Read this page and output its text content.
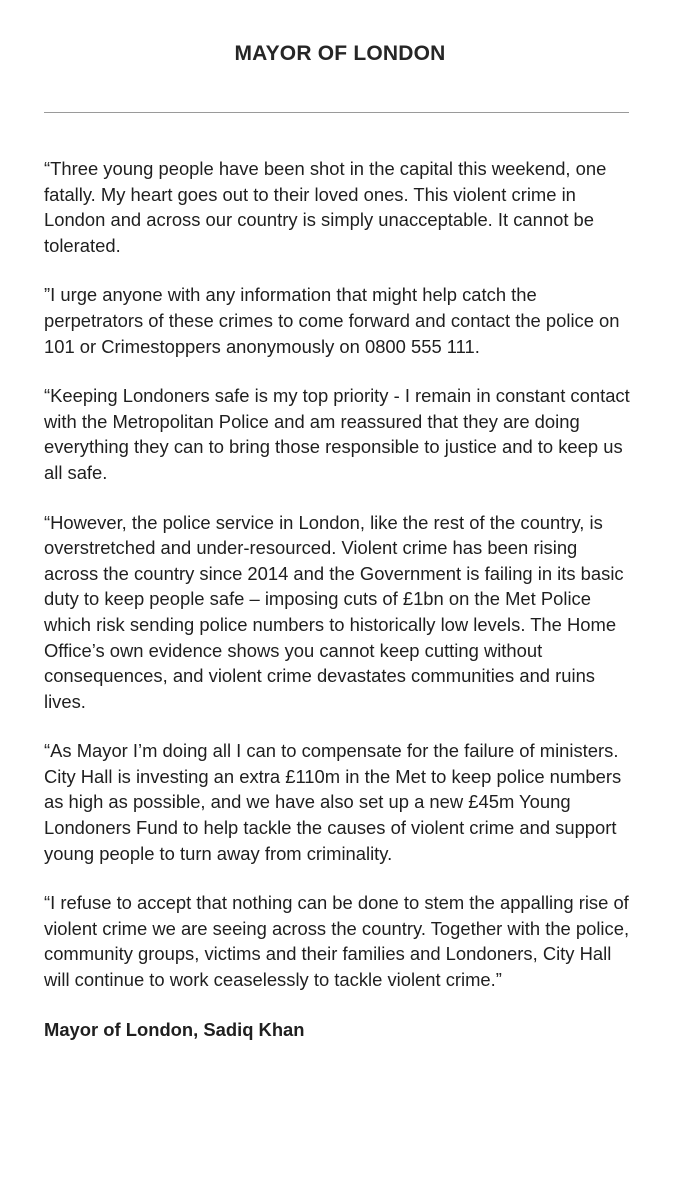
MAYOR OF LONDON

“Three young people have been shot in the capital this weekend, one fatally. My heart goes out to their loved ones. This violent crime in London and across our country is simply unacceptable. It cannot be tolerated.

”I urge anyone with any information that might help catch the perpetrators of these crimes to come forward and contact the police on 101 or Crimestoppers anonymously on 0800 555 111.

“Keeping Londoners safe is my top priority - I remain in constant contact with the Metropolitan Police and am reassured that they are doing everything they can to bring those responsible to justice and to keep us all safe.

“However, the police service in London, like the rest of the country, is overstretched and under-resourced. Violent crime has been rising across the country since 2014 and the Government is failing in its basic duty to keep people safe – imposing cuts of £1bn on the Met Police which risk sending police numbers to historically low levels. The Home Office’s own evidence shows you cannot keep cutting without consequences, and violent crime devastates communities and ruins lives.

“As Mayor I’m doing all I can to compensate for the failure of ministers. City Hall is investing an extra £110m in the Met to keep police numbers as high as possible, and we have also set up a new £45m Young Londoners Fund to help tackle the causes of violent crime and support young people to turn away from criminality.

“I refuse to accept that nothing can be done to stem the appalling rise of violent crime we are seeing across the country. Together with the police, community groups, victims and their families and Londoners, City Hall will continue to work ceaselessly to tackle violent crime.”

Mayor of London, Sadiq Khan
